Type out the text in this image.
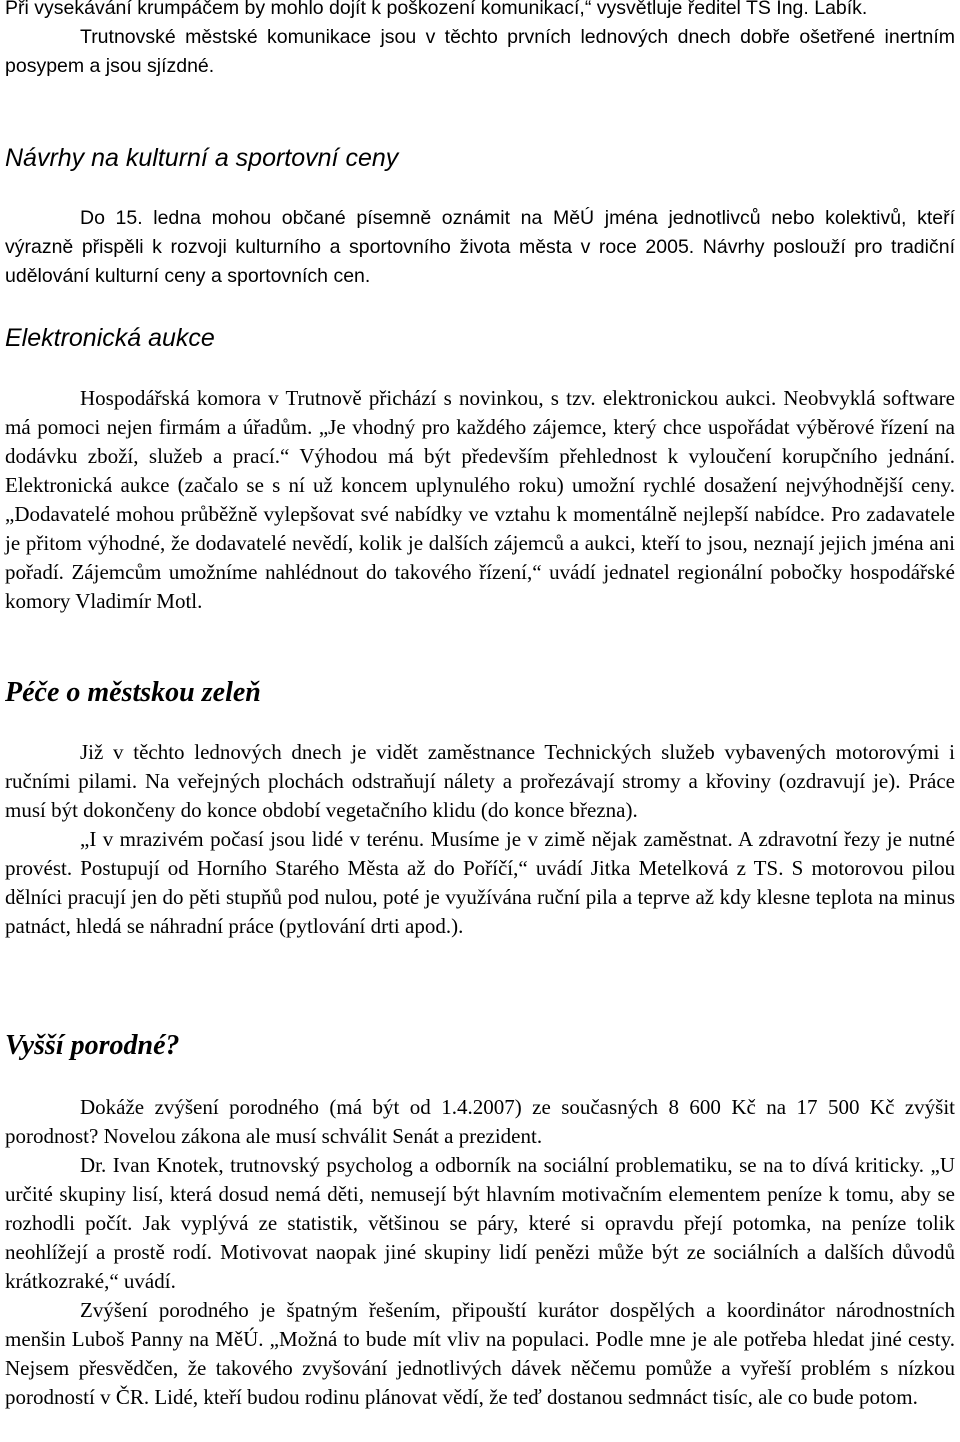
Při vysekávání krumpáčem by mohlo dojít k poškození komunikací,“ vysvětluje ředitel TS Ing. Labík.

Trutnovské městské komunikace jsou v těchto prvních lednových dnech dobře ošetřené inertním posypem a jsou sjízdné.

Návrhy na kulturní a sportovní ceny

Do 15. ledna mohou občané písemně oznámit na MěÚ jména jednotlivců nebo kolektivů, kteří výrazně přispěli k rozvoji kulturního a sportovního života města v roce 2005. Návrhy poslouží pro tradiční udělování kulturní ceny a sportovních cen.

Elektronická aukce

Hospodářská komora v Trutnově přichází s novinkou, s tzv. elektronickou aukci. Neobvyklá software má pomoci nejen firmám a úřadům. „Je vhodný pro každého zájemce, který chce uspořádat výběrové řízení na dodávku zboží, služeb a prací.“ Výhodou má být především přehlednost k vyloučení korupčního jednání. Elektronická aukce (začalo se s ní už koncem uplynulého roku) umožní rychlé dosažení nejvýhodnější ceny. „Dodavatelé mohou průběžně vylepšovat své nabídky ve vztahu k momentálně nejlepší nabídce. Pro zadavatele je přitom výhodné, že dodavatelé nevědí, kolik je dalších zájemců a aukci, kteří to jsou, neznají jejich jména ani pořadí. Zájemcům umožníme nahlédnout do takového řízení,“ uvádí jednatel regionální pobočky hospodářské komory Vladimír Motl.

Péče o městskou zeleň

Již v těchto lednových dnech je vidět zaměstnance Technických služeb vybavených motorovými i ručními pilami. Na veřejných plochách odstraňují nálety a prořezávají stromy a křoviny (ozdravují je). Práce musí být dokončeny do konce období vegetačního klidu (do konce března).

„I v mrazivém počasí jsou lidé v terénu. Musíme je v zimě nějak zaměstnat. A zdravotní řezy je nutné provést. Postupují od Horního Starého Města až do Poříčí,“ uvádí Jitka Metelková z TS. S motorovou pilou dělníci pracují jen do pěti stupňů pod nulou, poté je využívána ruční pila a teprve až kdy klesne teplota na minus patnáct, hledá se náhradní práce (pytlování drti apod.).

Vyšší porodné?

Dokáže zvýšení porodného (má být od 1.4.2007) ze současných 8 600 Kč na 17 500 Kč zvýšit porodnost? Novelou zákona ale musí schválit Senát a prezident.

Dr. Ivan Knotek, trutnovský psycholog a odborník na sociální problematiku, se na to dívá kriticky. „U určité skupiny lisí, která dosud nemá děti, nemusejí být hlavním motivačním elementem peníze k tomu, aby se rozhodli počít. Jak vyplývá ze statistik, většinou se páry, které si opravdu přejí potomka, na peníze tolik neohlížejí a prostě rodí. Motivovat naopak jiné skupiny lidí penězi může být ze sociálních a dalších důvodů krátkozraké,“ uvádí.

Zvýšení porodného je špatným řešením, připouští kurátor dospělých a koordinátor národnostních menšin Luboš Panny na MěÚ. „Možná to bude mít vliv na populaci. Podle mne je ale potřeba hledat jiné cesty. Nejsem přesvědčen, že takového zvyšování jednotlivých dávek něčemu pomůže a vyřeší problém s nízkou porodností v ČR. Lidé, kteří budou rodinu plánovat vědí, že teď dostanou sedmnáct tisíc, ale co bude potom.
